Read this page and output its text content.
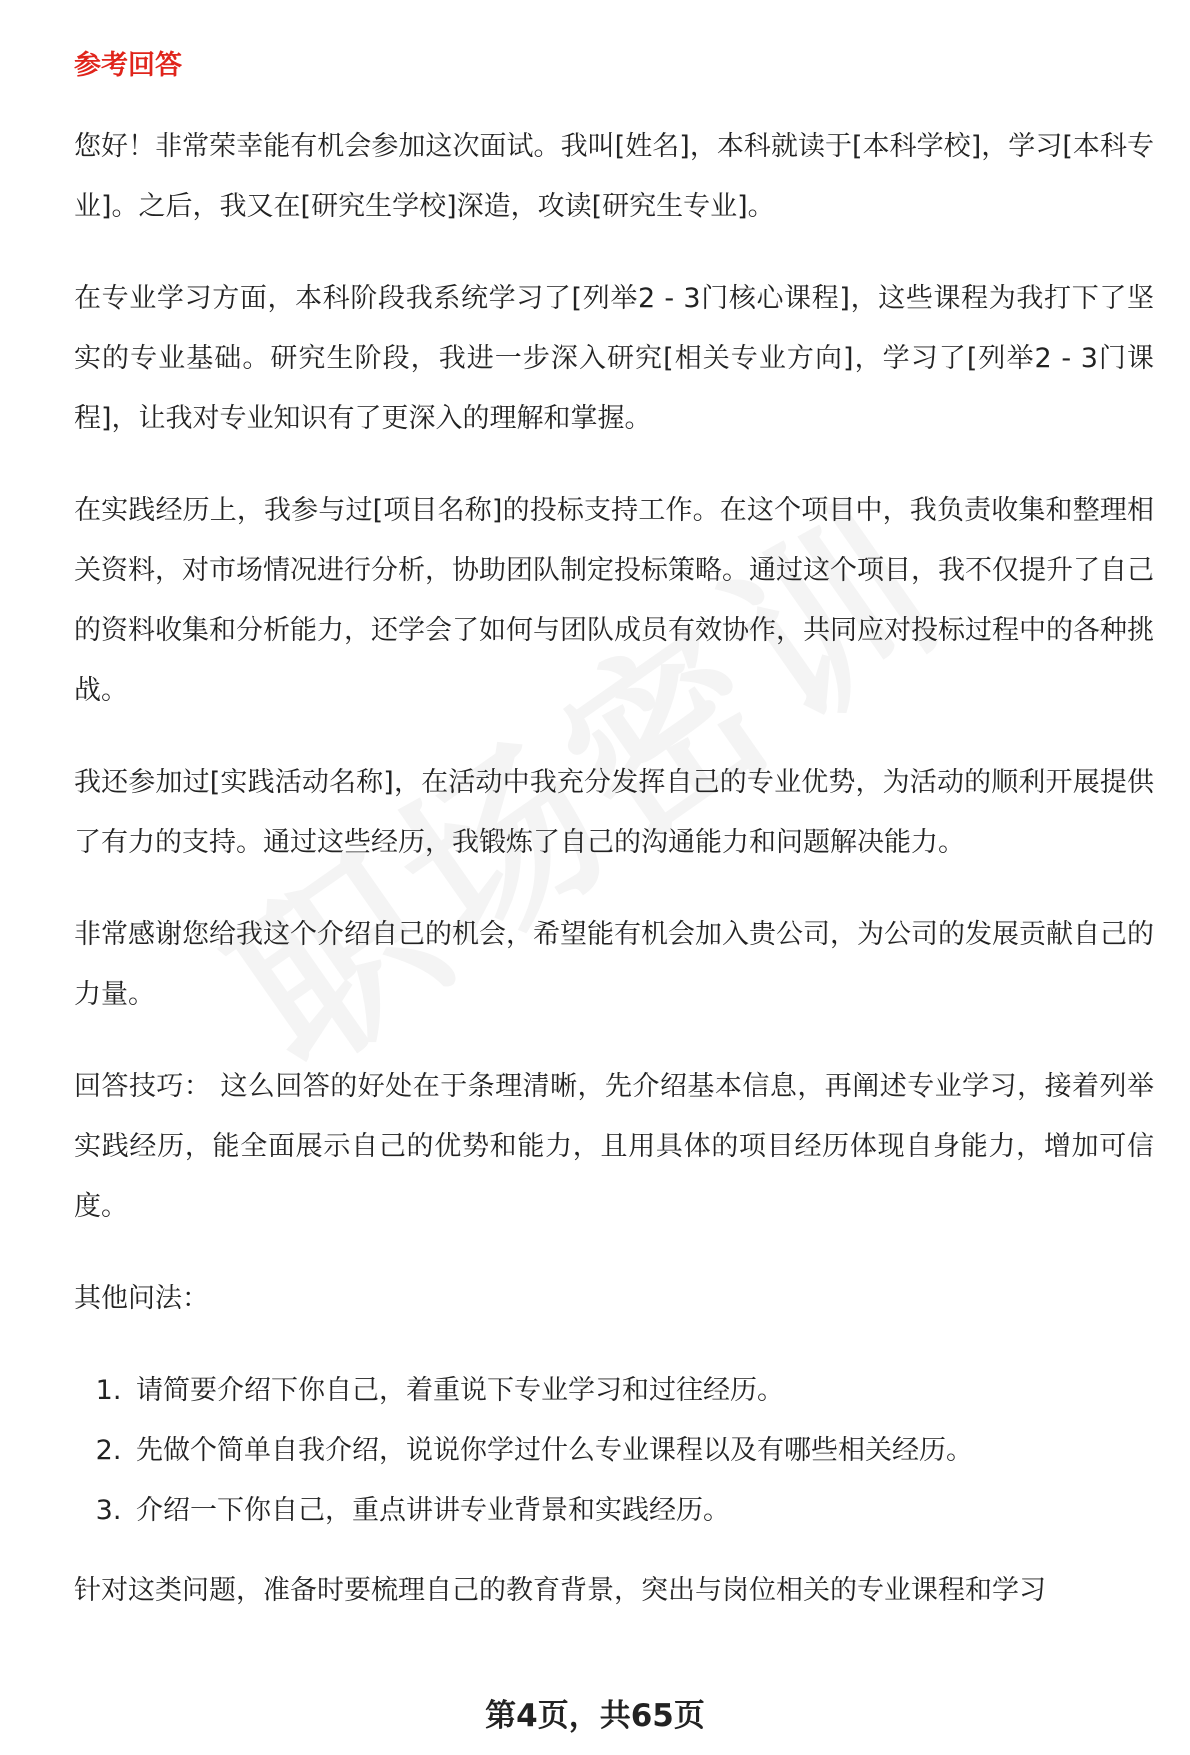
参考回答

您好！非常荣幸能有机会参加这次面试。我叫[姓名]，本科就读于[本科学校]，学习[本科专业]。之后，我又在[研究生学校]深造，攻读[研究生专业]。

在专业学习方面，本科阶段我系统学习了[列举2 - 3门核心课程]，这些课程为我打下了坚实的专业基础。研究生阶段，我进一步深入研究[相关专业方向]，学习了[列举2 - 3门课程]，让我对专业知识有了更深入的理解和掌握。

在实践经历上，我参与过[项目名称]的投标支持工作。在这个项目中，我负责收集和整理相关资料，对市场情况进行分析，协助团队制定投标策略。通过这个项目，我不仅提升了自己的资料收集和分析能力，还学会了如何与团队成员有效协作，共同应对投标过程中的各种挑战。

我还参加过[实践活动名称]，在活动中我充分发挥自己的专业优势，为活动的顺利开展提供了有力的支持。通过这些经历，我锻炼了自己的沟通能力和问题解决能力。

非常感谢您给我这个介绍自己的机会，希望能有机会加入贵公司，为公司的发展贡献自己的力量。

回答技巧： 这么回答的好处在于条理清晰，先介绍基本信息，再阐述专业学习，接着列举实践经历，能全面展示自己的优势和能力，且用具体的项目经历体现自身能力，增加可信度。

其他问法：

1. 请简要介绍下你自己，着重说下专业学习和过往经历。
2. 先做个简单自我介绍，说说你学过什么专业课程以及有哪些相关经历。
3. 介绍一下你自己，重点讲讲专业背景和实践经历。

针对这类问题，准备时要梳理自己的教育背景，突出与岗位相关的专业课程和学习

第4页，共65页
